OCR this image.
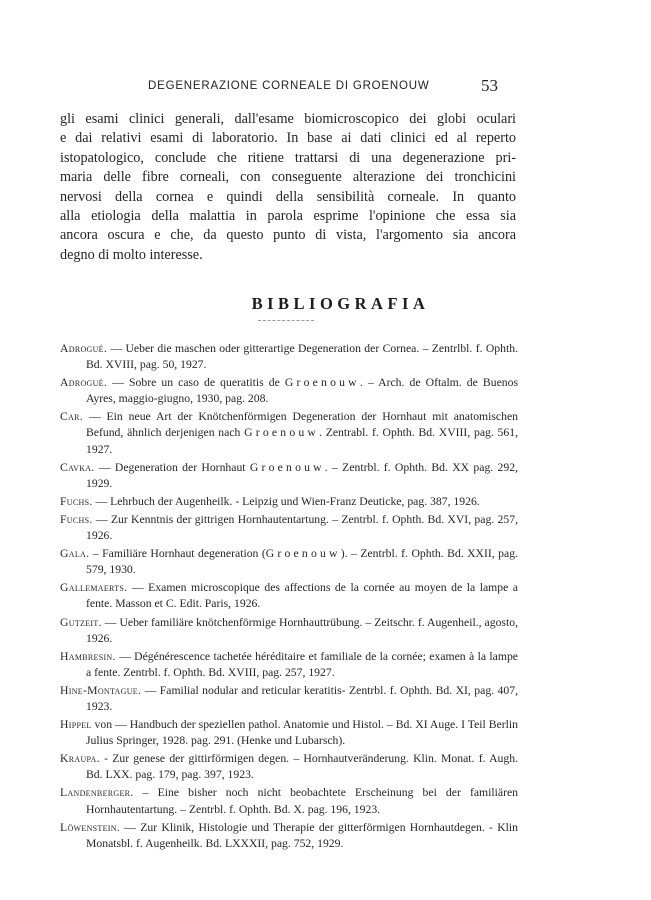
DEGENERAZIONE CORNEALE DI GROENOUW	53

gli esami clinici generali, dall'esame biomicroscopico dei globi oculari
e dai relativi esami di laboratorio. In base ai dati clinici ed al reperto
istopatologico, conclude che ritiene trattarsi di una degenerazione pri-
maria delle fibre corneali, con conseguente alterazione dei tronchicini
nervosi della cornea e quindi della sensibilità corneale. In quanto
alla etiologia della malattia in parola esprime l'opinione che essa sia
ancora oscura e che, da questo punto di vista, l'argomento sia ancora
degno di molto interesse.

BIBLIOGRAFIA
Adrogué. — Ueber die maschen oder gitterartige Degeneration der Cornea. – Zentrlbl. f. Ophth. Bd. XVIII, pag. 50, 1927.
Adrogué. — Sobre un caso de queratitis de Groenouw. – Arch. de Oftalm. de Buenos Ayres, maggio-giugno, 1930, pag. 208.
Car. — Ein neue Art der Knötchenförmigen Degeneration der Hornhaut mit anatomischen Befund, ähnlich derjenigen nach Groenouw. Zentrabl. f. Ophth. Bd. XVIII, pag. 561, 1927.
Cavka. — Degeneration der Hornhaut Groenouw. – Zentrbl. f. Ophth. Bd. XX pag. 292, 1929.
Fuchs. — Lehrbuch der Augenheilk. - Leipzig und Wien-Franz Deuticke, pag. 387, 1926.
Fuchs. — Zur Kenntnis der gittrigen Hornhautentartung. – Zentrbl. f. Ophth. Bd. XVI, pag. 257, 1926.
Gala. – Familiäre Hornhaut degeneration (Groenouw). – Zentrbl. f. Ophth. Bd. XXII, pag. 579, 1930.
Gallemaerts. — Examen microscopique des affections de la cornée au moyen de la lampe a fente. Masson et C. Edit. Paris, 1926.
Gutzeit. — Ueber familiäre knötchenförmige Hornhauttrübung. – Zeitschr. f. Augenheil., agosto, 1926.
Hambresin. — Dégénérescence tachetée héréditaire et familiale de la cornée; examen à la lampe a fente. Zentrbl. f. Ophth. Bd. XVIII, pag. 257, 1927.
Hine-Montague. — Familial nodular and reticular keratitis- Zentrbl. f. Ophth. Bd. XI, pag. 407, 1923.
Hippel von — Handbuch der speziellen pathol. Anatomie und Histol. – Bd. XI Auge. I Teil Berlin Julius Springer, 1928. pag. 291. (Henke und Lubarsch).
Kraupa. - Zur genese der gittirförmigen degen. – Hornhautveränderung. Klin. Monat. f. Augh. Bd. LXX. pag. 179, pag. 397, 1923.
Landenberger. – Eine bisher noch nicht beobachtete Erscheinung bei der familiären Hornhautentartung. – Zentrbl. f. Ophth. Bd. X. pag. 196, 1923.
Löwenstein. — Zur Klinik, Histologie und Therapie der gitterförmigen Hornhautdegen. - Klin Monatsbl. f. Augenheilk. Bd. LXXXII, pag. 752, 1929.
